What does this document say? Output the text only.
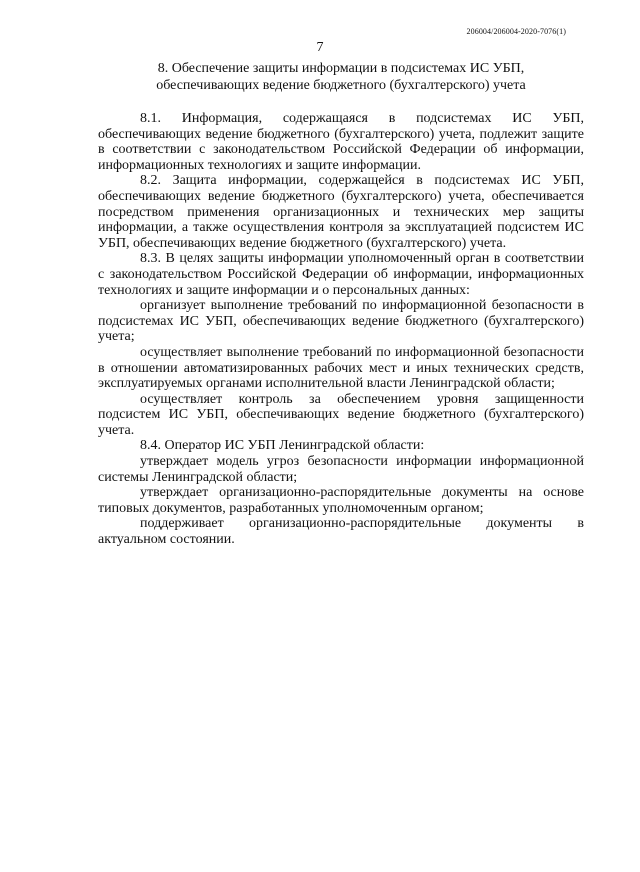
206004/206004-2020-7076(1)
7
8. Обеспечение защиты информации в подсистемах ИС УБП,
обеспечивающих ведение бюджетного (бухгалтерского) учета

8.1. Информация, содержащаяся в подсистемах ИС УБП, обеспечивающих ведение бюджетного (бухгалтерского) учета, подлежит защите в соответствии с законодательством Российской Федерации об информации, информационных технологиях и защите информации.

8.2. Защита информации, содержащейся в подсистемах ИС УБП, обеспечивающих ведение бюджетного (бухгалтерского) учета, обеспечивается посредством применения организационных и технических мер защиты информации, а также осуществления контроля за эксплуатацией подсистем ИС УБП, обеспечивающих ведение бюджетного (бухгалтерского) учета.

8.3. В целях защиты информации уполномоченный орган в соответствии с законодательством Российской Федерации об информации, информационных технологиях и защите информации и о персональных данных:

организует выполнение требований по информационной безопасности в подсистемах ИС УБП, обеспечивающих ведение бюджетного (бухгалтерского) учета;

осуществляет выполнение требований по информационной безопасности в отношении автоматизированных рабочих мест и иных технических средств, эксплуатируемых органами исполнительной власти Ленинградской области;

осуществляет контроль за обеспечением уровня защищенности подсистем ИС УБП, обеспечивающих ведение бюджетного (бухгалтерского) учета.

8.4. Оператор ИС УБП Ленинградской области:

утверждает модель угроз безопасности информации информационной системы Ленинградской области;

утверждает организационно-распорядительные документы на основе типовых документов, разработанных уполномоченным органом;

поддерживает организационно-распорядительные документы в актуальном состоянии.
